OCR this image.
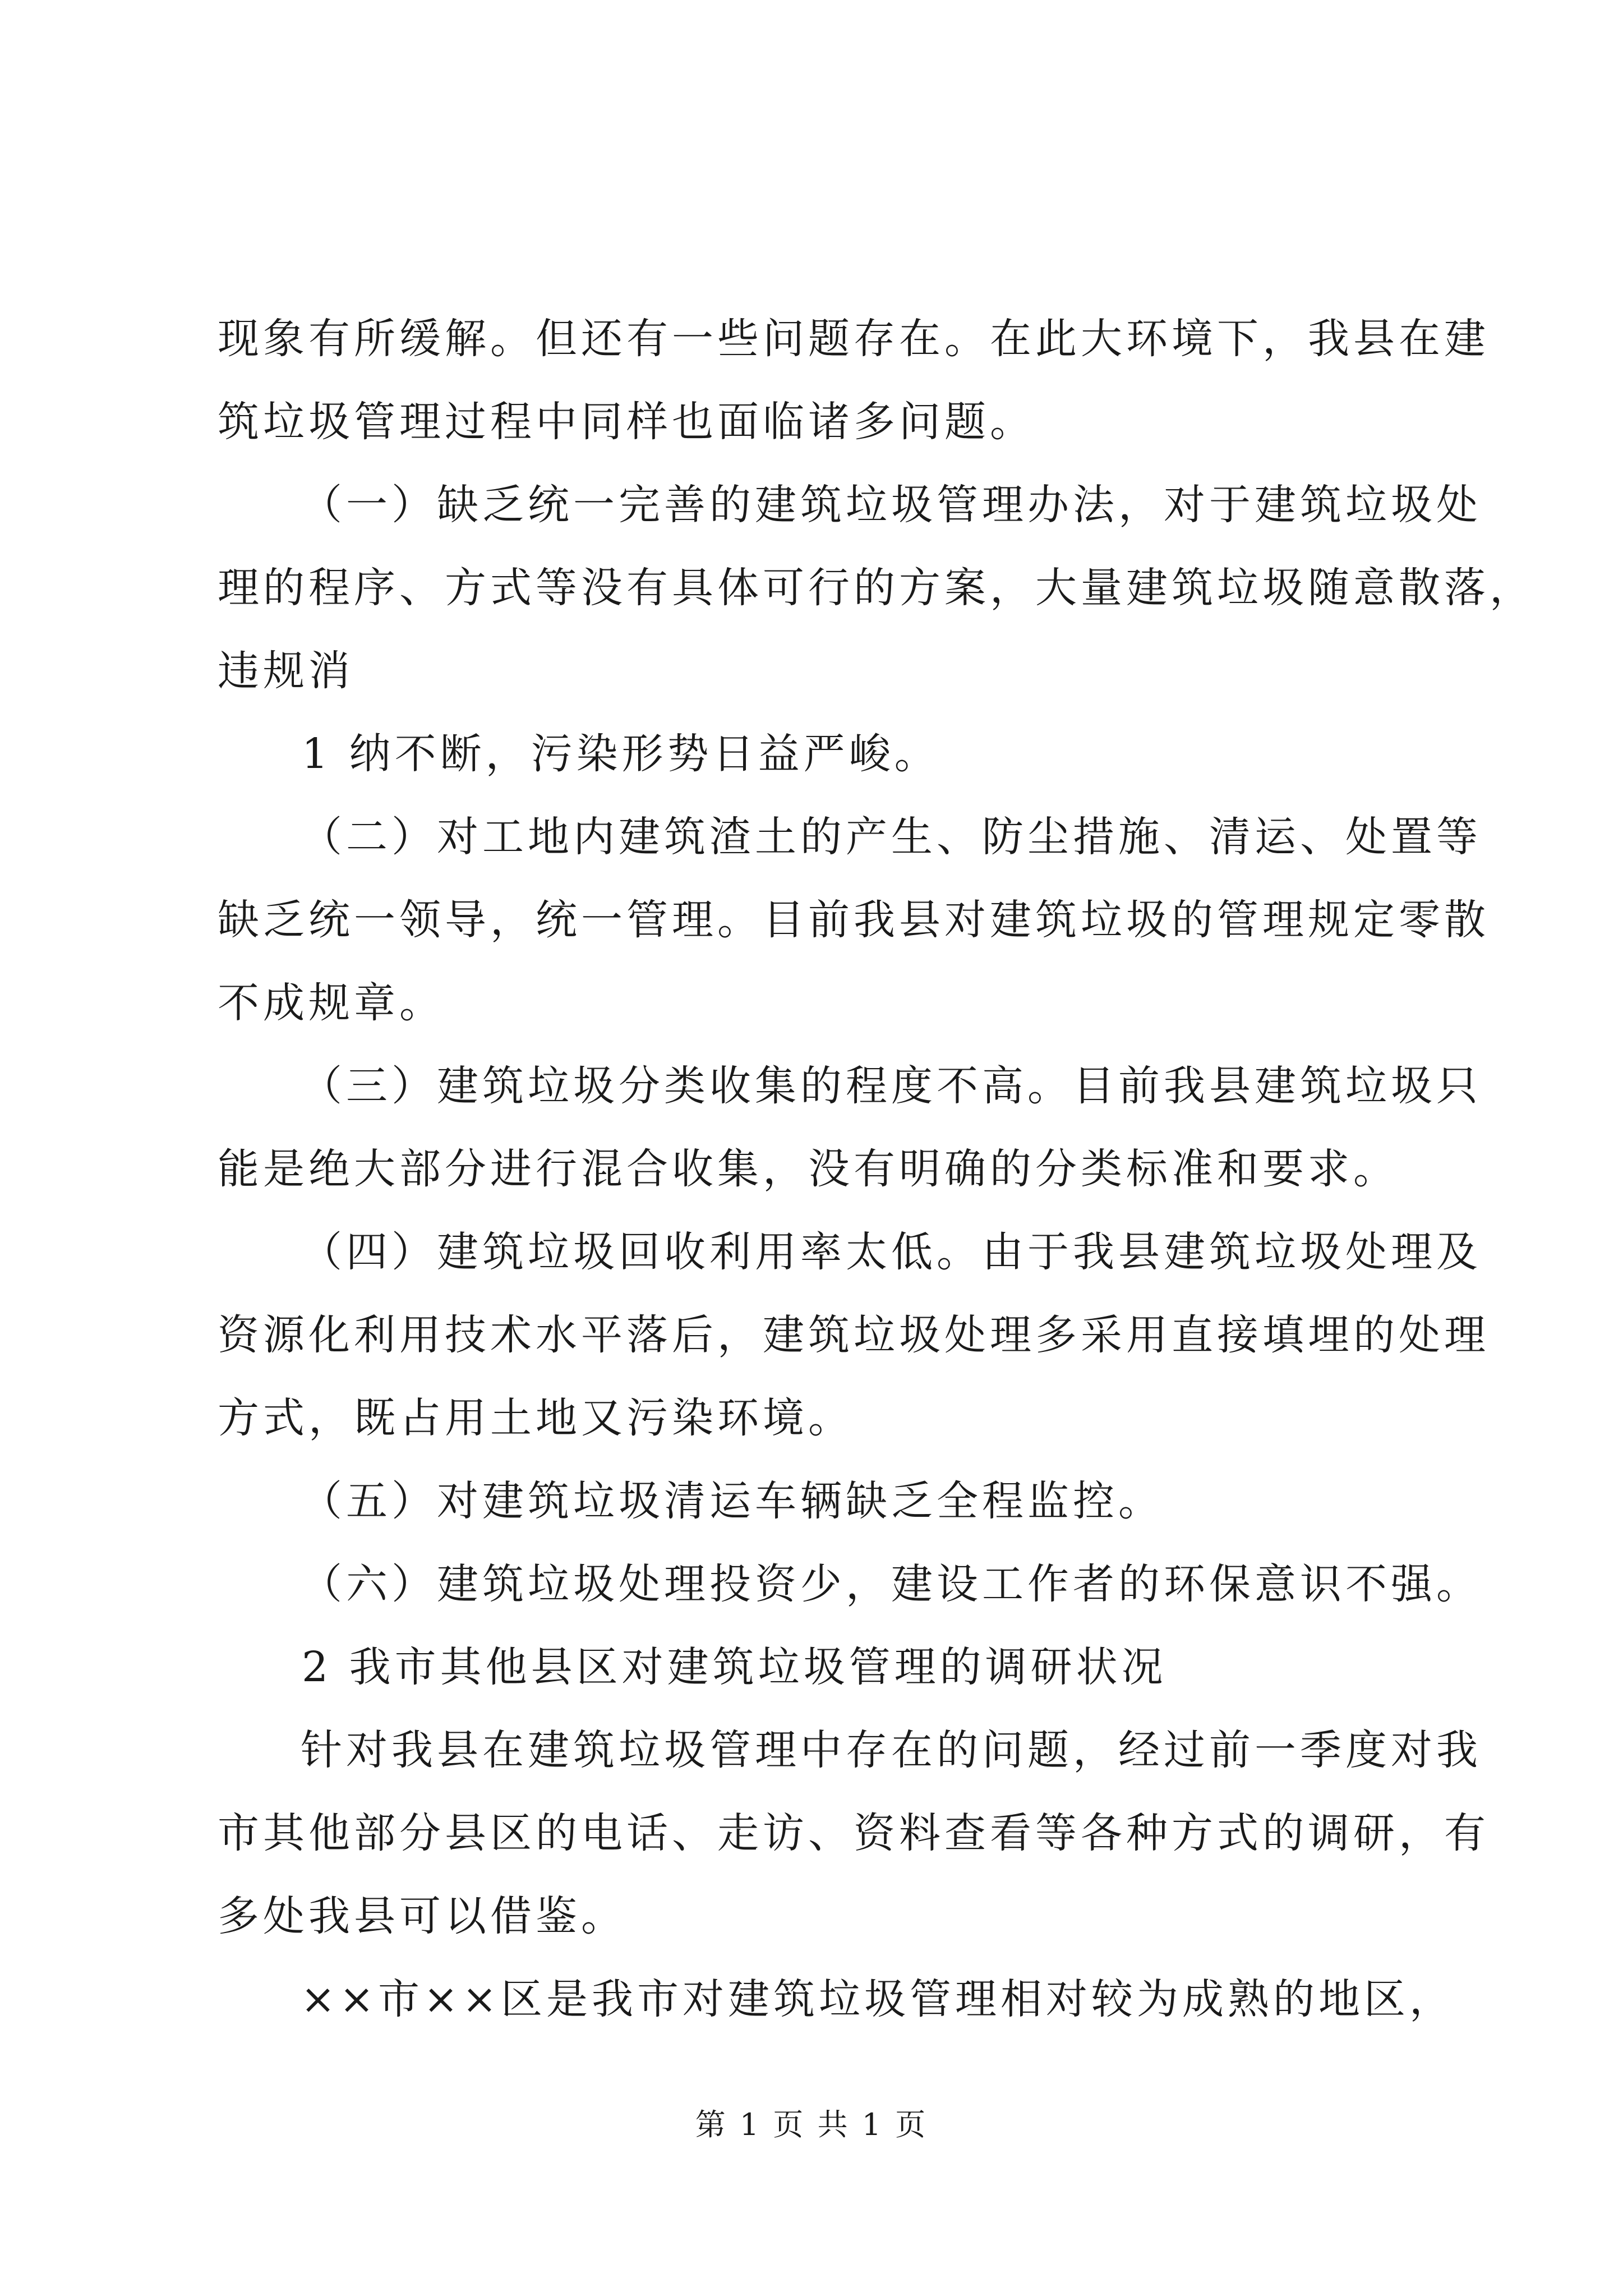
现象有所缓解。但还有一些问题存在。在此大环境下，我县在建
筑垃圾管理过程中同样也面临诸多问题。
（一）缺乏统一完善的建筑垃圾管理办法，对于建筑垃圾处
理的程序、方式等没有具体可行的方案，大量建筑垃圾随意散落，
违规消
1 纳不断，污染形势日益严峻。
（二）对工地内建筑渣土的产生、防尘措施、清运、处置等
缺乏统一领导，统一管理。目前我县对建筑垃圾的管理规定零散
不成规章。
（三）建筑垃圾分类收集的程度不高。目前我县建筑垃圾只
能是绝大部分进行混合收集，没有明确的分类标准和要求。
（四）建筑垃圾回收利用率太低。由于我县建筑垃圾处理及
资源化利用技术水平落后，建筑垃圾处理多采用直接填埋的处理
方式，既占用土地又污染环境。
（五）对建筑垃圾清运车辆缺乏全程监控。
（六）建筑垃圾处理投资少，建设工作者的环保意识不强。
2 我市其他县区对建筑垃圾管理的调研状况
针对我县在建筑垃圾管理中存在的问题，经过前一季度对我
市其他部分县区的电话、走访、资料查看等各种方式的调研，有
多处我县可以借鉴。
××市××区是我市对建筑垃圾管理相对较为成熟的地区，
第 1 页 共 1 页
